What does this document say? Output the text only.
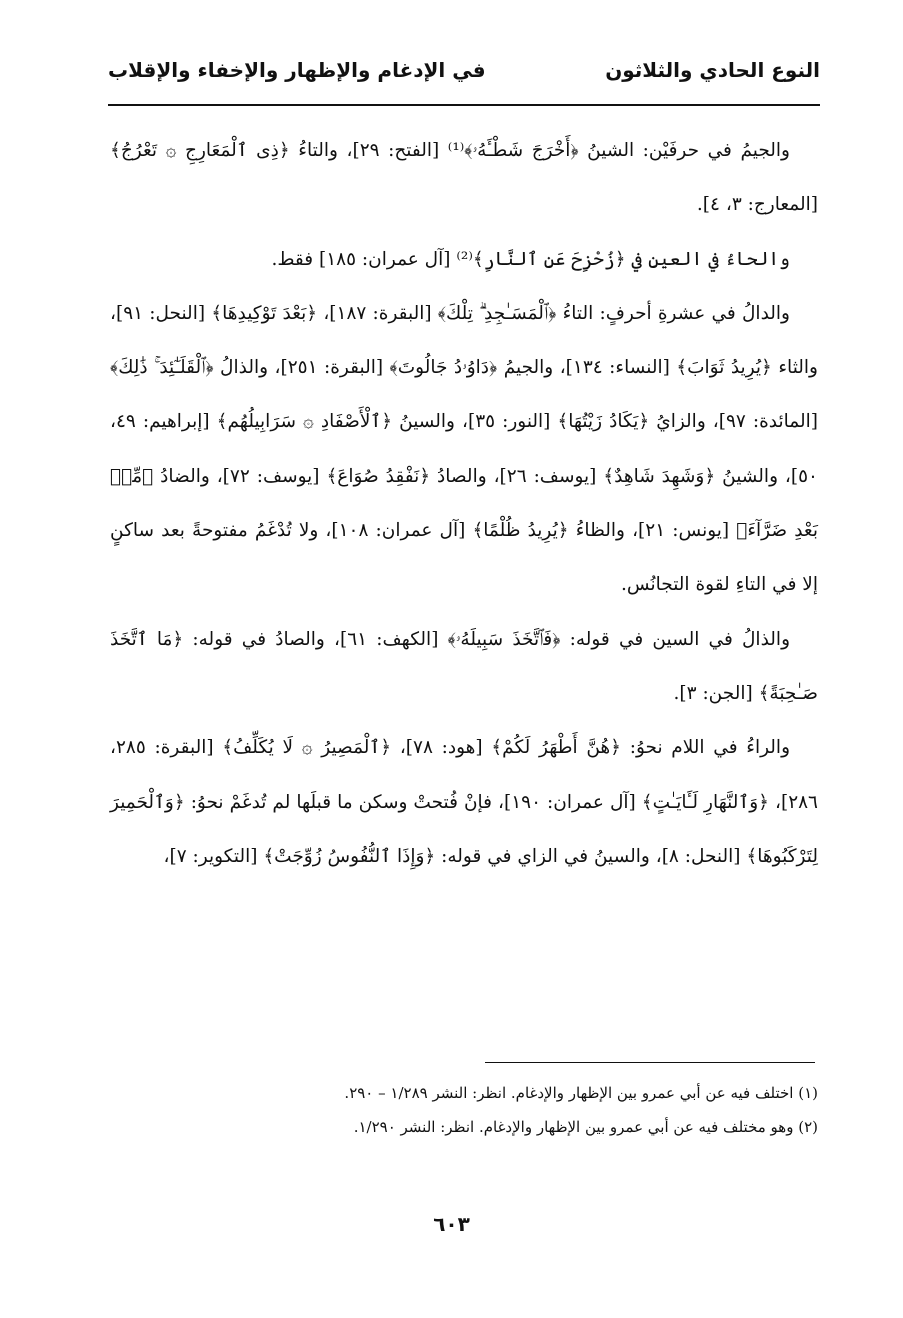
النوع الحادي والثلاثون
في الإدغام والإظهار والإخفاء والإقلاب

والجيمُ في حرفَيْن: الشينُ ﴿أَخْرَجَ شَطْـَٔهُۥ﴾⁽¹⁾ [الفتح: ٢٩]، والتاءُ ﴿ذِى ٱلْمَعَارِجِ ۞ تَعْرُجُ﴾ [المعارج: ٣، ٤].

والحاءُ في العينِ في ﴿زُحْزِحَ عَنِ ٱلنَّارِ﴾⁽²⁾ [آل عمران: ١٨٥] فقط.

والدالُ في عشرةِ أحرفٍ: التاءُ ﴿ٱلْمَسَـٰجِدِ ۗ تِلْكَ﴾ [البقرة: ١٨٧]، ﴿بَعْدَ تَوْكِيدِهَا﴾ [النحل: ٩١]، والثاء ﴿يُرِيدُ ثَوَابَ﴾ [النساء: ١٣٤]، والجيمُ ﴿دَاوُۥدُ جَالُوتَ﴾ [البقرة: ٢٥١]، والذالُ ﴿ٱلْقَلَـٰٓئِدَ ۚ ذَٰلِكَ﴾ [المائدة: ٩٧]، والزايُ ﴿يَكَادُ زَيْتُهَا﴾ [النور: ٣٥]، والسينُ ﴿ٱلْأَصْفَادِ ۞ سَرَابِيلُهُم﴾ [إبراهيم: ٤٩، ٥٠]، والشينُ ﴿وَشَهِدَ شَاهِدٌ﴾ [يوسف: ٢٦]، والصادُ ﴿نَفْقِدُ صُوَاعَ﴾ [يوسف: ٧٢]، والضادُ ﴿مِّنۢ بَعْدِ ضَرَّآءَ﴾ [يونس: ٢١]، والظاءُ ﴿يُرِيدُ ظُلْمًا﴾ [آل عمران: ١٠٨]، ولا تُدْغَمُ مفتوحةً بعد ساكنٍ إلا في التاءِ لقوة التجانُس.

والذالُ في السين في قوله: ﴿فَٱتَّخَذَ سَبِيلَهُۥ﴾ [الكهف: ٦١]، والصادُ في قوله: ﴿مَا ٱتَّخَذَ صَـٰحِبَةً﴾ [الجن: ٣].

والراءُ في اللام نحوُ: ﴿هُنَّ أَطْهَرُ لَكُمْ﴾ [هود: ٧٨]، ﴿ٱلْمَصِيرُ ۞ لَا يُكَلِّفُ﴾ [البقرة: ٢٨٥، ٢٨٦]، ﴿وَٱلنَّهَارِ لَـَٔايَـٰتٍ﴾ [آل عمران: ١٩٠]، فإنْ فُتحتْ وسكن ما قبلَها لم تُدغَمْ نحوُ: ﴿وَٱلْحَمِيرَ لِتَرْكَبُوهَا﴾ [النحل: ٨]، والسينُ في الزاي في قوله: ﴿وَإِذَا ٱلنُّفُوسُ زُوِّجَتْ﴾ [التكوير: ٧]،

(١) اختلف فيه عن أبي عمرو بين الإظهار والإدغام. انظر: النشر ١/٢٨٩ – ٢٩٠.
(٢) وهو مختلف فيه عن أبي عمرو بين الإظهار والإدغام. انظر: النشر ١/٢٩٠.
٦٠٣
